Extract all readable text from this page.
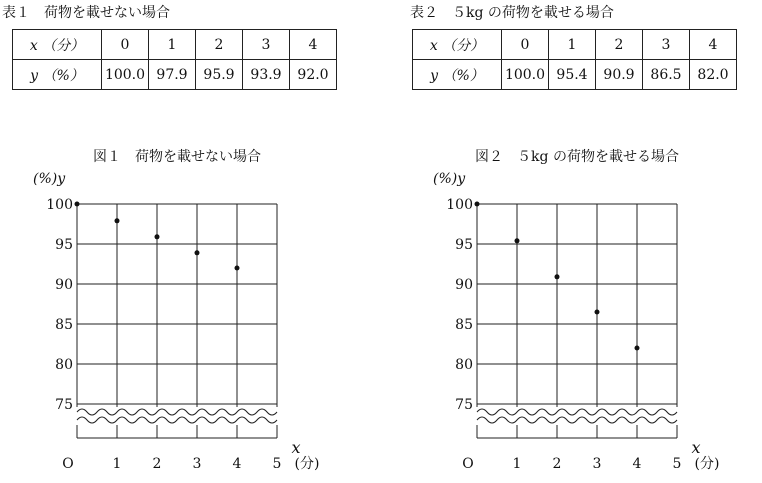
表１　荷物を載せない場合
x （分）	0	1	2	3	4
y （%）	100.0	97.9	95.9	93.9	92.0
表２　５kg の荷物を載せる場合
x （分）	0	1	2	3	4
y （%）	100.0	95.4	90.9	86.5	82.0
図１　荷物を載せない場合
(%)y
100
95
90
85
80
75
1 2 3 4 5
O
x
(分)
図２　５kg の荷物を載せる場合
(%)y
100
95
90
85
80
75
1 2 3 4 5
O
x
(分)
